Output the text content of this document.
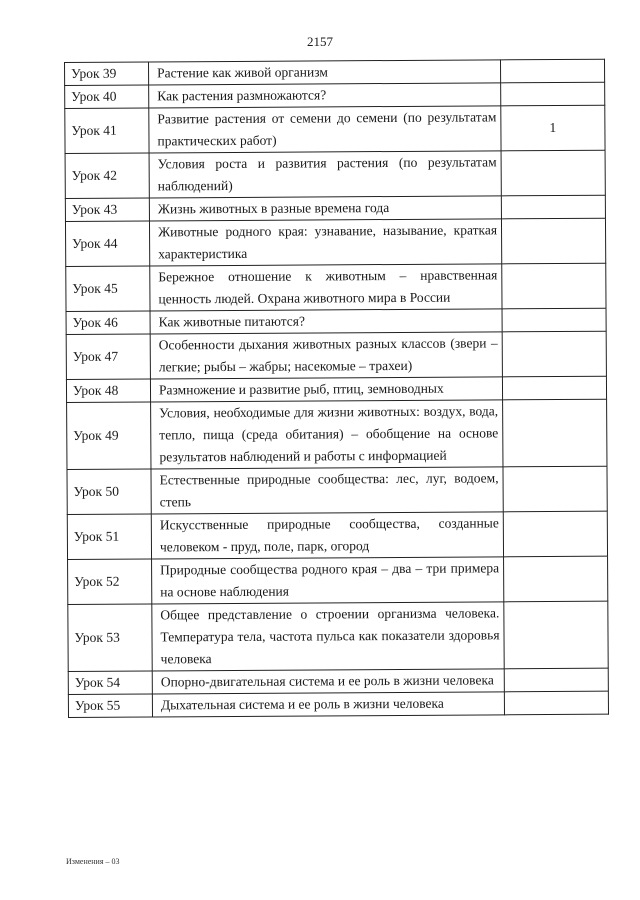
2157
Урок 39	Растение как живой организм	
Урок 40	Как растения размножаются?	
Урок 41	Развитие растения от семени до семени (по результатам практических работ)	1
Урок 42	Условия роста и развития растения (по результатам наблюдений)	
Урок 43	Жизнь животных в разные времена года	
Урок 44	Животные родного края: узнавание, называние, краткая характеристика	
Урок 45	Бережное отношение к животным – нравственная ценность людей. Охрана животного мира в России	
Урок 46	Как животные питаются?	
Урок 47	Особенности дыхания животных разных классов (звери – легкие; рыбы – жабры; насекомые – трахеи)	
Урок 48	Размножение и развитие рыб, птиц, земноводных	
Урок 49	Условия, необходимые для жизни животных: воздух, вода, тепло, пища (среда обитания) – обобщение на основе результатов наблюдений и работы с информацией	
Урок 50	Естественные природные сообщества: лес, луг, водоем, степь	
Урок 51	Искусственные природные сообщества, созданные человеком - пруд, поле, парк, огород	
Урок 52	Природные сообщества родного края – два – три примера на основе наблюдения	
Урок 53	Общее представление о строении организма человека. Температура тела, частота пульса как показатели здоровья человека	
Урок 54	Опорно-двигательная система и ее роль в жизни человека	
Урок 55	Дыхательная система и ее роль в жизни человека	
Изменения – 03
